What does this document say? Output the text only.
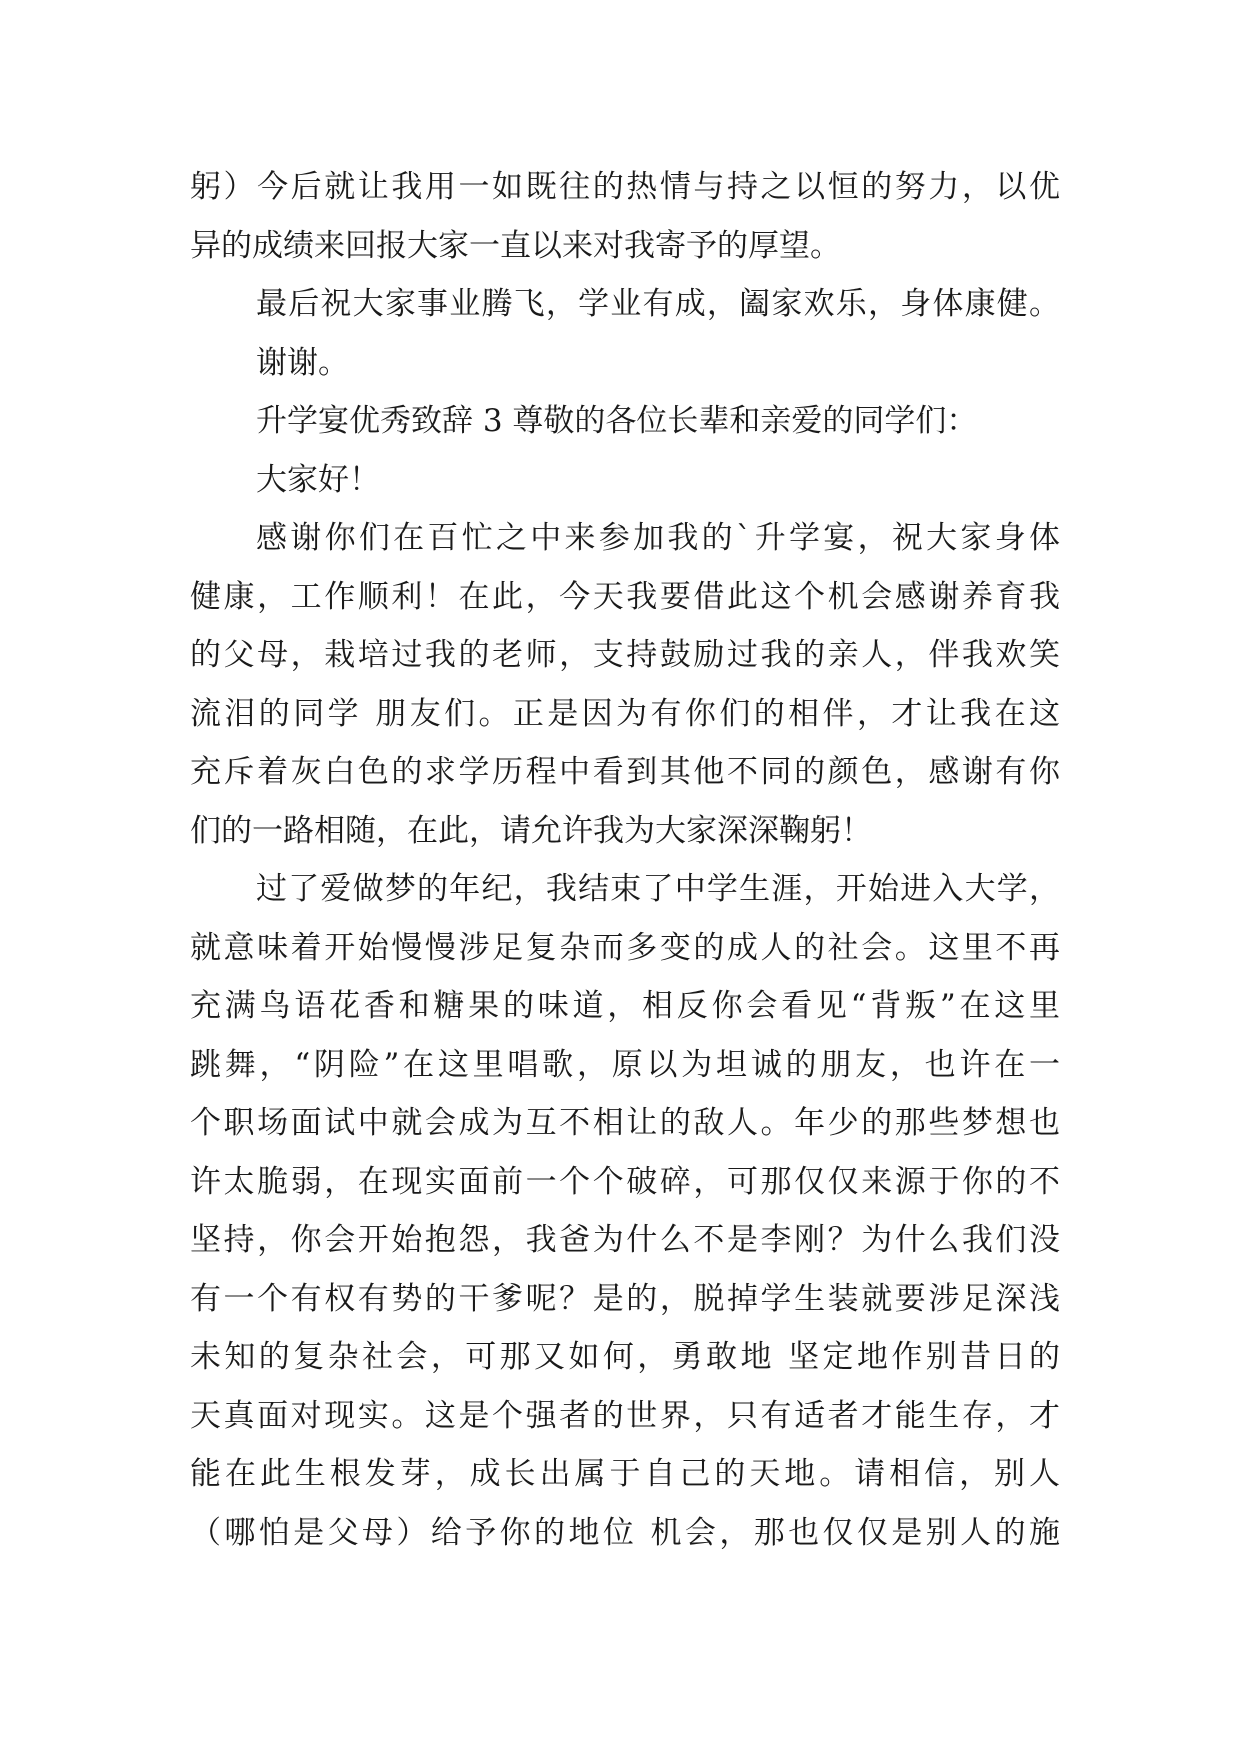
躬）今后就让我用一如既往的热情与持之以恒的努力，以优
异的成绩来回报大家一直以来对我寄予的厚望。
最后祝大家事业腾飞，学业有成，阖家欢乐，身体康健。
谢谢。
升学宴优秀致辞 3 尊敬的各位长辈和亲爱的同学们：
大家好！
感谢你们在百忙之中来参加我的`升学宴，祝大家身体
健康，工作顺利！在此，今天我要借此这个机会感谢养育我
的父母，栽培过我的老师，支持鼓励过我的亲人，伴我欢笑
流泪的同学 朋友们。正是因为有你们的相伴，才让我在这
充斥着灰白色的求学历程中看到其他不同的颜色，感谢有你
们的一路相随，在此，请允许我为大家深深鞠躬！
过了爱做梦的年纪，我结束了中学生涯，开始进入大学，
就意味着开始慢慢涉足复杂而多变的成人的社会。这里不再
充满鸟语花香和糖果的味道，相反你会看见“背叛”在这里
跳舞，“阴险”在这里唱歌，原以为坦诚的朋友，也许在一
个职场面试中就会成为互不相让的敌人。年少的那些梦想也
许太脆弱，在现实面前一个个破碎，可那仅仅来源于你的不
坚持，你会开始抱怨，我爸为什么不是李刚？为什么我们没
有一个有权有势的干爹呢？是的，脱掉学生装就要涉足深浅
未知的复杂社会，可那又如何，勇敢地 坚定地作别昔日的
天真面对现实。这是个强者的世界，只有适者才能生存，才
能在此生根发芽，成长出属于自己的天地。请相信，别人
（哪怕是父母）给予你的地位 机会，那也仅仅是别人的施
